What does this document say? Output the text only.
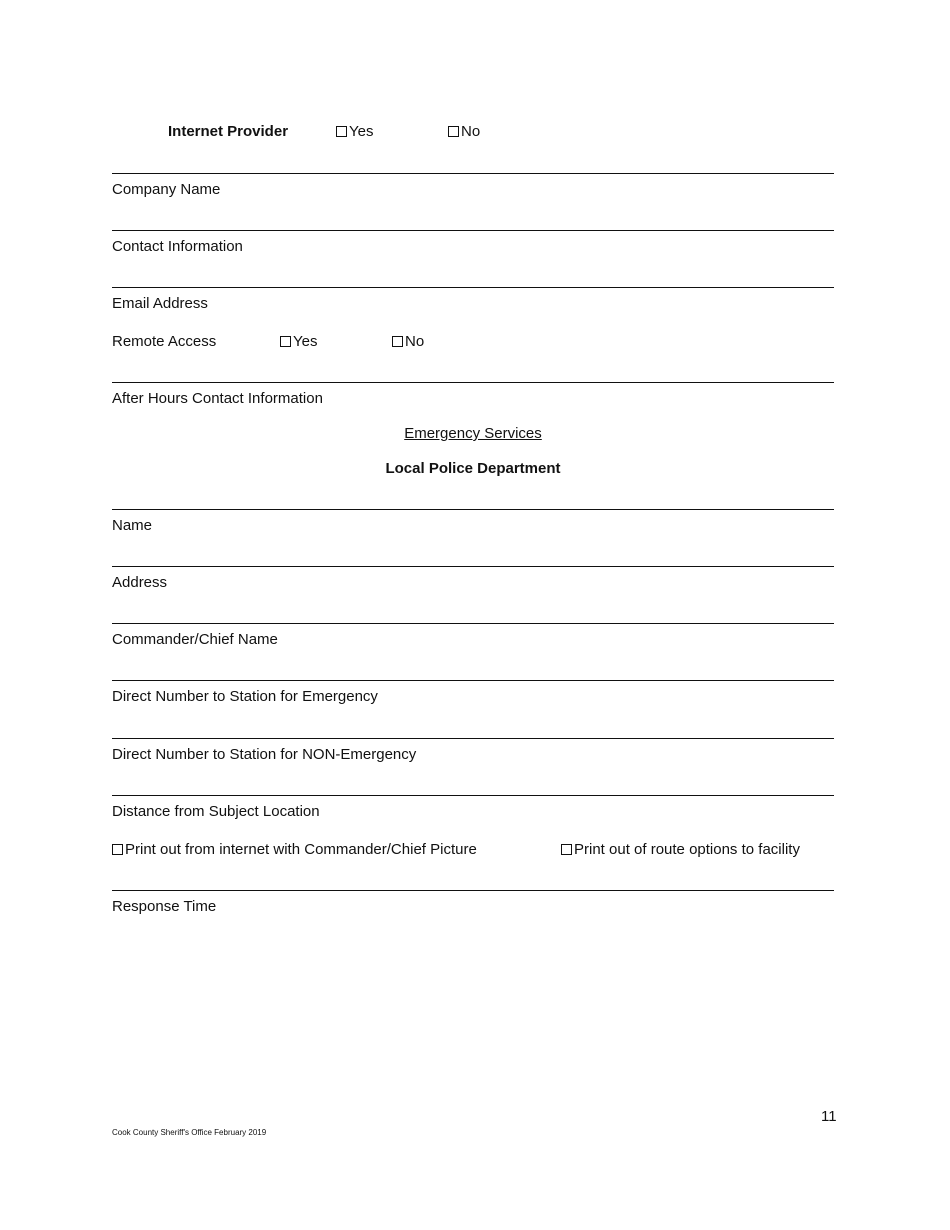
Internet Provider	Yes	No
Company Name
Contact Information
Email Address
Remote Access	Yes	No
After Hours Contact Information
Emergency Services
Local Police Department
Name
Address
Commander/Chief Name
Direct Number to Station for Emergency
Direct Number to Station for NON-Emergency
Distance from Subject Location
Print out from internet with Commander/Chief Picture	Print out of route options to facility
Response Time
11
Cook County Sheriff's Office February 2019
